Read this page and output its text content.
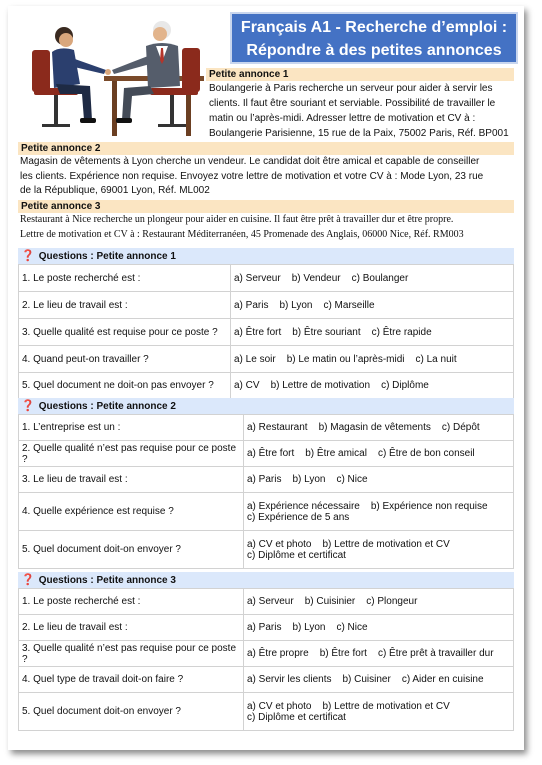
Français A1 - Recherche d’emploi :
Répondre à des petites annonces
Petite annonce 1
Boulangerie à Paris recherche un serveur pour aider à servir les
clients. Il faut être souriant et serviable. Possibilité de travailler le
matin ou l’après-midi. Adresser lettre de motivation et CV à :
Boulangerie Parisienne, 15 rue de la Paix, 75002 Paris, Réf. BP001
Petite annonce 2
Magasin de vêtements à Lyon cherche un vendeur. Le candidat doit être amical et capable de conseiller
les clients. Expérience non requise. Envoyez votre lettre de motivation et votre CV à : Mode Lyon, 23 rue
de la République, 69001 Lyon, Réf. ML002
Petite annonce 3
Restaurant à Nice recherche un plongeur pour aider en cuisine. Il faut être prêt à travailler dur et être propre.
Lettre de motivation et CV à : Restaurant Méditerranéen, 45 Promenade des Anglais, 06000 Nice, Réf. RM003
❓ Questions : Petite annonce 1
1. Le poste recherché est :	a) Serveur b) Vendeur c) Boulanger
2. Le lieu de travail est :	a) Paris b) Lyon c) Marseille
3. Quelle qualité est requise pour ce poste ?	a) Être fort b) Être souriant c) Être rapide
4. Quand peut-on travailler ?	a) Le soir b) Le matin ou l’après-midi c) La nuit
5. Quel document ne doit-on pas envoyer ?	a) CV b) Lettre de motivation c) Diplôme
❓ Questions : Petite annonce 2
1. L’entreprise est un :	a) Restaurant b) Magasin de vêtements c) Dépôt
2. Quelle qualité n’est pas requise pour ce poste ?	a) Être fort b) Être amical c) Être de bon conseil
3. Le lieu de travail est :	a) Paris b) Lyon c) Nice
4. Quelle expérience est requise ?	a) Expérience nécessaire b) Expérience non requise
c) Expérience de 5 ans

5. Quel document doit-on envoyer ?	a) CV et photo b) Lettre de motivation et CV
c) Diplôme et certificat
❓ Questions : Petite annonce 3
1. Le poste recherché est :	a) Serveur b) Cuisinier c) Plongeur
2. Le lieu de travail est :	a) Paris b) Lyon c) Nice
3. Quelle qualité n’est pas requise pour ce poste ?	a) Être propre b) Être fort c) Être prêt à travailler dur
4. Quel type de travail doit-on faire ?	a) Servir les clients b) Cuisiner c) Aider en cuisine
5. Quel document doit-on envoyer ?	a) CV et photo b) Lettre de motivation et CV
c) Diplôme et certificat
